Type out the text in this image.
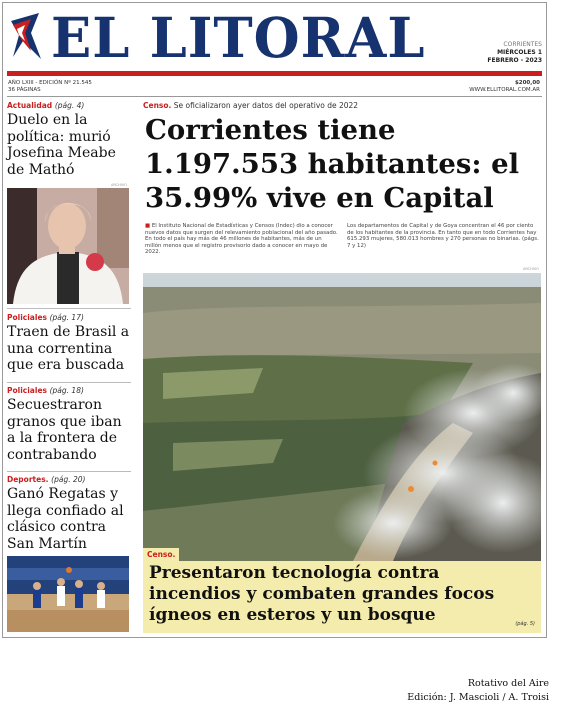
EL LITORAL	CORRIENTES
MIÉRCOLES 1
FEBRERO - 2023
AÑO LXIII - EDICIÓN Nº 21.545
36 PÁGINAS
$200,00
WWW.ELLITORAL.COM.AR
Actualidad (pág. 4)
Duelo en la política: murió Josefina Meabe de Mathó
ARCHIVO
Policiales (pág. 17)
Traen de Brasil a una correntina que era buscada
Policiales (pág. 18)
Secuestraron granos que iban a la frontera de contrabando
Deportes. (pág. 20)
Ganó Regatas y llega confiado al clásico contra San Martín
Censo. Se oficializaron ayer datos del operativo de 2022
Corrientes tiene 1.197.553 habitantes: el 35.99% vive en Capital
■ El Instituto Nacional de Estadísticas y Censos (Indec) dio a conocer nuevos datos que surgen del relevamiento poblacional del año pasado. En todo el país hay más de 46 millones de habitantes, más de un millón menos que el registro provisorio dado a conocer en mayo de 2022.
Los departamentos de Capital y de Goya concentran el 46 por ciento de los habitantes de la provincia. En tanto que en todo Corrientes hay 615.293 mujeres, 580.013 hombres y 270 personas no binarias. (págs. 7 y 12)
ARCHIVO
Censo.
Presentaron tecnología contra incendios y combaten grandes focos ígneos en esteros y un bosque	(pág. 5)
Rotativo del Aire
Edición: J. Mascioli / A. Troisi
